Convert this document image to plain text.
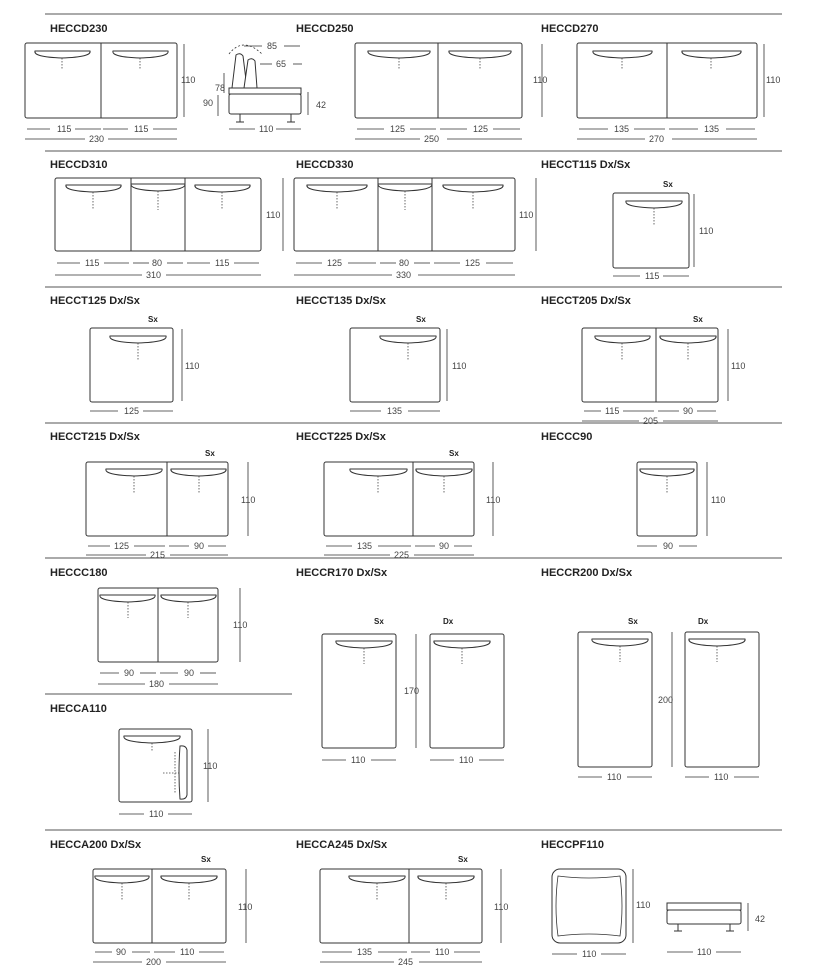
HECCD230
110
115	115
230
85
65
78
90	42
110
HECCD250
110
125	125
250
HECCD270
110
135	135
270
HECCD310
110
115	80	115
310
HECCD330
110
125	80	125
330
HECCT115 Dx/Sx
Sx
110
115
HECCT125 Dx/Sx
Sx
110
125
HECCT135 Dx/Sx
Sx
110
135
HECCT205 Dx/Sx
Sx
110
115	90
205
HECCT215 Dx/Sx
Sx
110
125	90
215
HECCT225 Dx/Sx
Sx
110
135	90
225
HECCC90
110
90
HECCC180
110
90	90
180
HECCR170 Dx/Sx
Sx	Dx
170
110	110
HECCR200 Dx/Sx
Sx	Dx
200
110	110
HECCA110
110
110
HECCA200 Dx/Sx
Sx
110
90	110
200
HECCA245 Dx/Sx
Sx
110
135	110
245
HECCPF110
110
110
42
110
